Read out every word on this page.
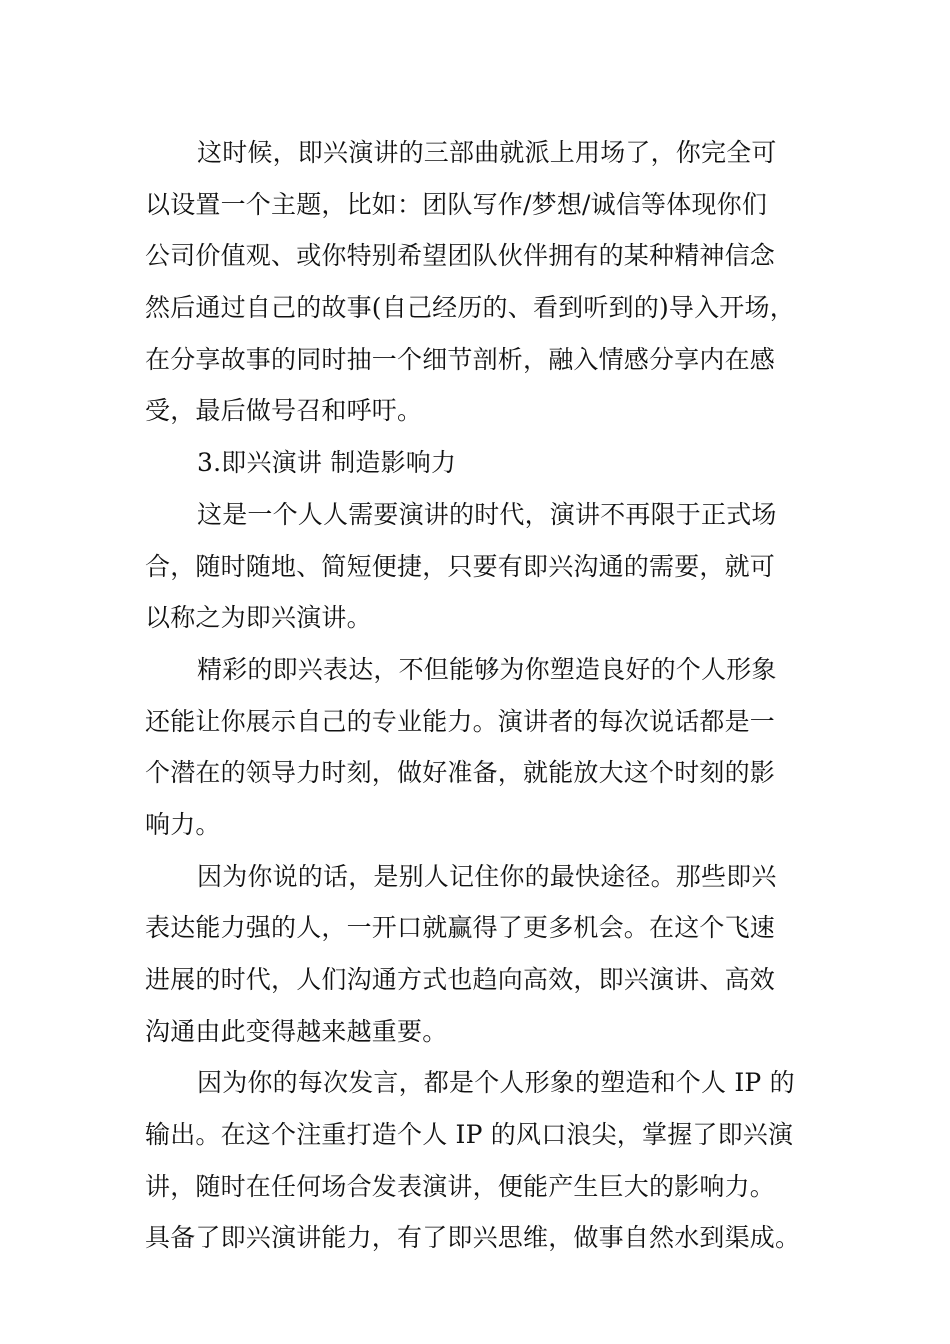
这时候，即兴演讲的三部曲就派上用场了，你完全可
以设置一个主题，比如：团队写作/梦想/诚信等体现你们
公司价值观、或你特别希望团队伙伴拥有的某种精神信念
然后通过自己的故事(自己经历的、看到听到的)导入开场，
在分享故事的同时抽一个细节剖析，融入情感分享内在感
受，最后做号召和呼吁。
3.即兴演讲 制造影响力
这是一个人人需要演讲的时代，演讲不再限于正式场
合，随时随地、简短便捷，只要有即兴沟通的需要，就可
以称之为即兴演讲。
精彩的即兴表达，不但能够为你塑造良好的个人形象
还能让你展示自己的专业能力。演讲者的每次说话都是一
个潜在的领导力时刻，做好准备，就能放大这个时刻的影
响力。
因为你说的话，是别人记住你的最快途径。那些即兴
表达能力强的人，一开口就赢得了更多机会。在这个飞速
进展的时代，人们沟通方式也趋向高效，即兴演讲、高效
沟通由此变得越来越重要。
因为你的每次发言，都是个人形象的塑造和个人 IP 的
输出。在这个注重打造个人 IP 的风口浪尖，掌握了即兴演
讲，随时在任何场合发表演讲，便能产生巨大的影响力。
具备了即兴演讲能力，有了即兴思维，做事自然水到渠成。
